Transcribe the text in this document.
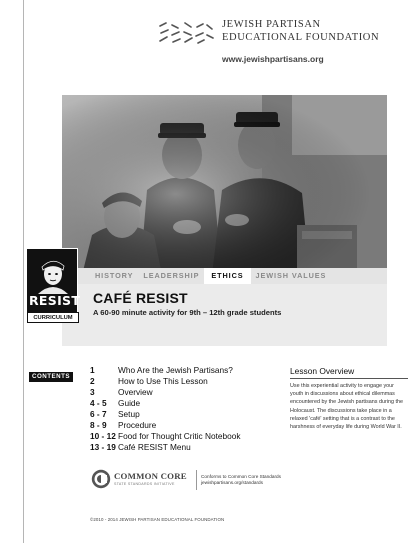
JEWISH PARTISAN
EDUCATIONAL FOUNDATION
www.jewishpartisans.org
HISTORY	LEADERSHIP	ETHICS	JEWISH VALUES
CAFÉ RESIST
A 60-90 minute activity for 9th – 12th grade students
RESIST
CURRICULUM
CONTENTS
1	Who Are the Jewish Partisans?
2	How to Use This Lesson
3	Overview
4 - 5	Guide
6 - 7	Setup
8 - 9	Procedure
10 - 12 Food for Thought Critic Notebook
13 - 19 Café RESIST Menu
Lesson Overview
Use this experiential activity to engage your youth in discussions about ethical dilemmas encountered by the Jewish partisans during the Holocaust. The discussions take place in a relaxed 'café' setting that is a contrast to the harshness of everyday life during World War II.
COMMON CORE
STATE STANDARDS INITIATIVE
Conforms to Common Core Standards
jewishpartisans.org/standards
©2010 - 2014 JEWISH PARTISAN EDUCATIONAL FOUNDATION
